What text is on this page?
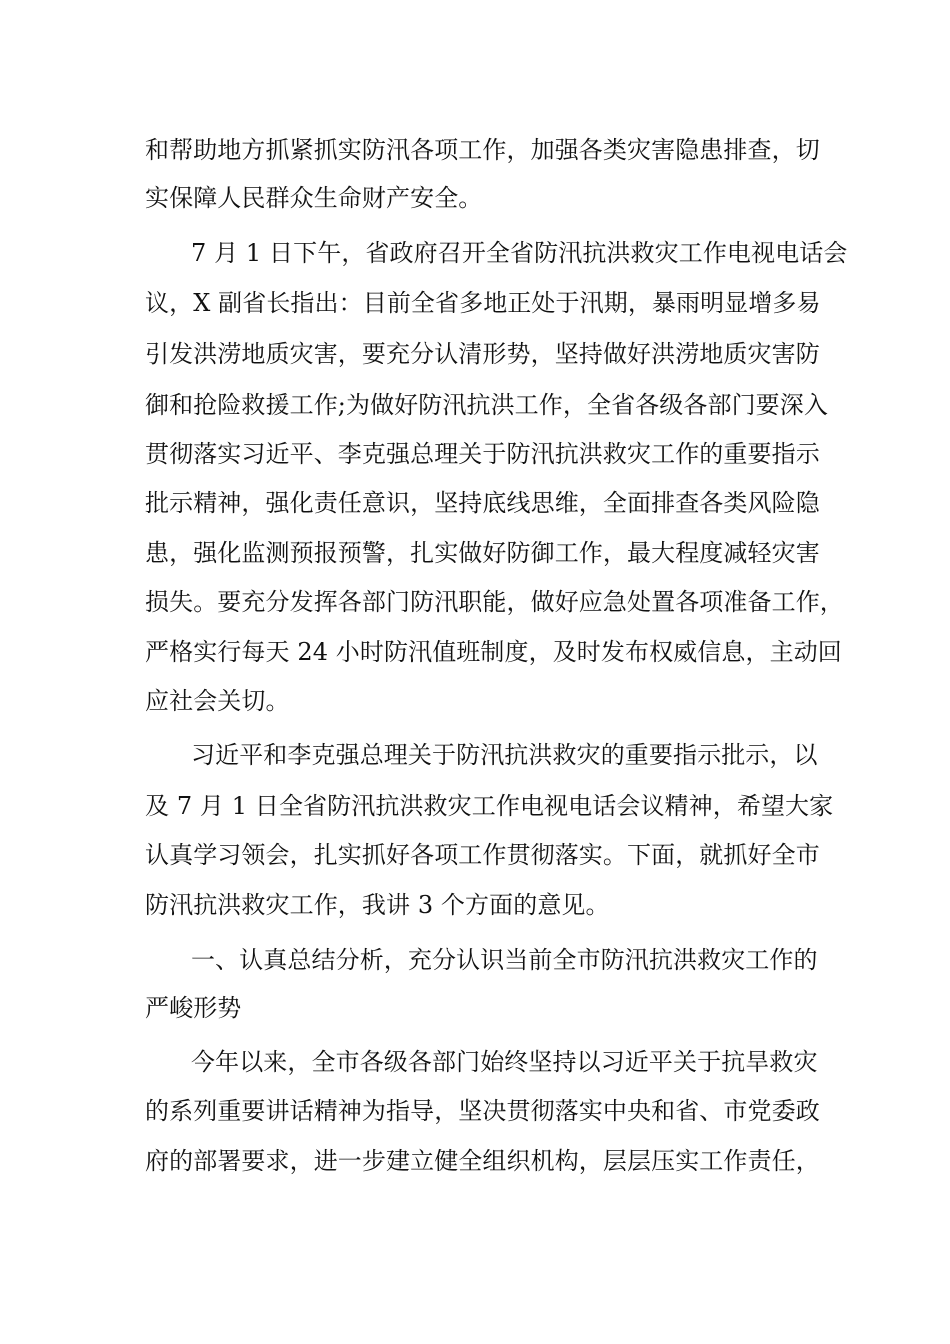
和帮助地方抓紧抓实防汛各项工作，加强各类灾害隐患排查，切
实保障人民群众生命财产安全。
7 月 1 日下午，省政府召开全省防汛抗洪救灾工作电视电话会
议，X 副省长指出：目前全省多地正处于汛期，暴雨明显增多易
引发洪涝地质灾害，要充分认清形势，坚持做好洪涝地质灾害防
御和抢险救援工作;为做好防汛抗洪工作，全省各级各部门要深入
贯彻落实习近平、李克强总理关于防汛抗洪救灾工作的重要指示
批示精神，强化责任意识，坚持底线思维，全面排查各类风险隐
患，强化监测预报预警，扎实做好防御工作，最大程度减轻灾害
损失。要充分发挥各部门防汛职能，做好应急处置各项准备工作，
严格实行每天 24 小时防汛值班制度，及时发布权威信息，主动回
应社会关切。
习近平和李克强总理关于防汛抗洪救灾的重要指示批示，以
及 7 月 1 日全省防汛抗洪救灾工作电视电话会议精神，希望大家
认真学习领会，扎实抓好各项工作贯彻落实。下面，就抓好全市
防汛抗洪救灾工作，我讲 3 个方面的意见。
一、认真总结分析，充分认识当前全市防汛抗洪救灾工作的
严峻形势
今年以来，全市各级各部门始终坚持以习近平关于抗旱救灾
的系列重要讲话精神为指导，坚决贯彻落实中央和省、市党委政
府的部署要求，进一步建立健全组织机构，层层压实工作责任，
